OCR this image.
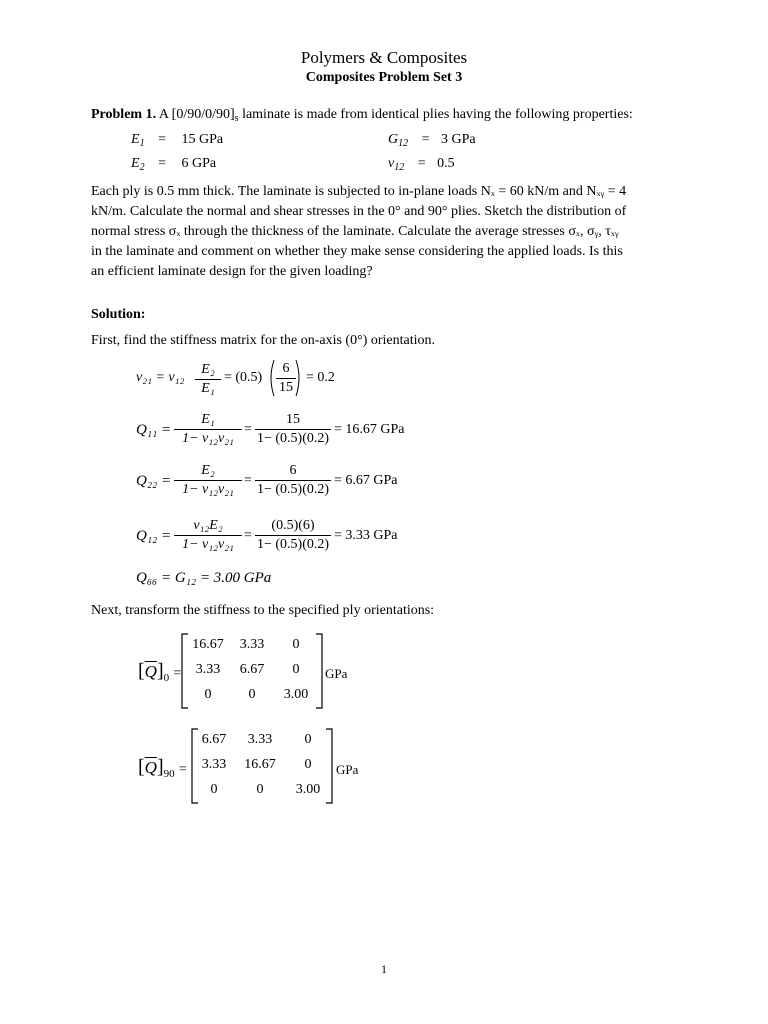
Polymers & Composites
Composites Problem Set 3
Problem 1. A $[0/90/0/90]_s$ laminate is made from identical plies having the following properties:
$E_1 = 15$ GPa	$G_{12} = 3$ GPa
$E_2 = 6$ GPa	$\nu_{12} = 0.5$
Each ply is 0.5 mm thick. The laminate is subjected to in-plane loads Nₓ = 60 kN/m and Nₓᵧ = 4
kN/m. Calculate the normal and shear stresses in the 0° and 90° plies. Sketch the distribution of
normal stress σₓ through the thickness of the laminate. Calculate the average stresses σₓ, σᵧ, τₓᵧ
in the laminate and comment on whether they make sense considering the applied loads. Is this
an efficient laminate design for the given loading?
Solution:
First, find the stiffness matrix for the on-axis (0°) orientation.
$\nu_{21} = \nu_{12} \frac{\text{E₂}}{\text{E₁}} = (0.5) \frac{6}{15} = 0.2$
$Q_{11} = \frac{\text{E₁}}{\text{1− ν₁₂ν₂₁}} = \frac{15}{1- (0.5)(0.2)} = 16.67$ GPa
$Q_{22} = \frac{\text{E₂}}{\text{1− ν₁₂ν₂₁}} = \frac{6}{1- (0.5)(0.2)} = 6.67$ GPa
$Q_{12} = \frac{\text{ν₁₂E₂}}{\text{1− ν₁₂ν₂₁}} = \frac{(0.5)(6)}{1- (0.5)(0.2)} = 3.33$ GPa
Q₆₆ = G₁₂ = 3.00 GPa
Next, transform the stiffness to the specified ply orientations:
$[\overline{Q}]_0$ =
16.67	3.33	0
3.33	6.67	0
0	0	3.00
GPa
$[\overline{Q}]_{90}$ =
6.67	3.33	0
3.33	16.67	0
0	0	3.00
GPa
1
